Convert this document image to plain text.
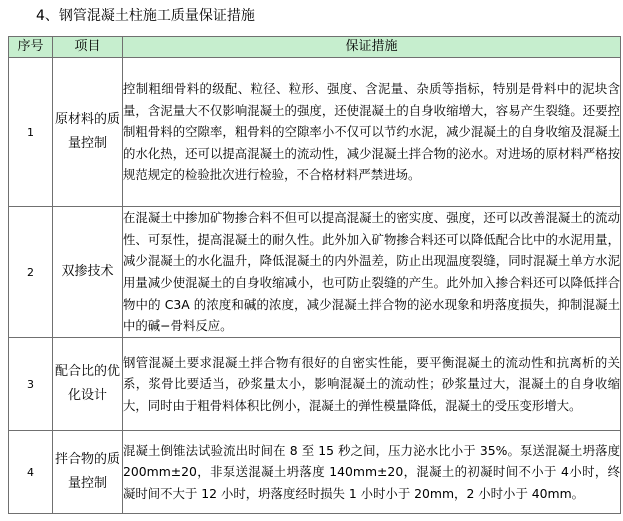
4、钢管混凝土柱施工质量保证措施
序号	项目	保证措施
1	原材料的质量控制	控制粗细骨料的级配、粒径、粒形、强度、含泥量、杂质等指标，特别是骨料中的泥块含量，含泥量大不仅影响混凝土的强度，还使混凝土的自身收缩增大，容易产生裂缝。还要控制粗骨料的空隙率，粗骨料的空隙率小不仅可以节约水泥，减少混凝土的自身收缩及混凝土的水化热，还可以提高混凝土的流动性，减少混凝土拌合物的泌水。对进场的原材料严格按规范规定的检验批次进行检验，不合格材料严禁进场。
2	双掺技术	在混凝土中掺加矿物掺合料不但可以提高混凝土的密实度、强度，还可以改善混凝土的流动性、可泵性，提高混凝土的耐久性。此外加入矿物掺合料还可以降低配合比中的水泥用量，减少混凝土的水化温升，降低混凝土的内外温差，防止出现温度裂缝，同时混凝土单方水泥用量减少使混凝土的自身收缩减小，也可防止裂缝的产生。此外加入掺合料还可以降低拌合物中的 C3A 的浓度和碱的浓度，减少混凝土拌合物的泌水现象和坍落度损失，抑制混凝土中的碱−骨料反应。
3	配合比的优化设计	钢管混凝土要求混凝土拌合物有很好的自密实性能，要平衡混凝土的流动性和抗离析的关系，浆骨比要适当，砂浆量太小，影响混凝土的流动性；砂浆量过大，混凝土的自身收缩大，同时由于粗骨料体积比例小，混凝土的弹性模量降低，混凝土的受压变形增大。
4	拌合物的质量控制	混凝土倒锥法试验流出时间在 8 至 15 秒之间，压力泌水比小于 35%。泵送混凝土坍落度 200mm±20，非泵送混凝土坍落度 140mm±20，混凝土的初凝时间不小于 4小时，终凝时间不大于 12 小时，坍落度经时损失 1 小时小于 20mm，2 小时小于 40mm。
